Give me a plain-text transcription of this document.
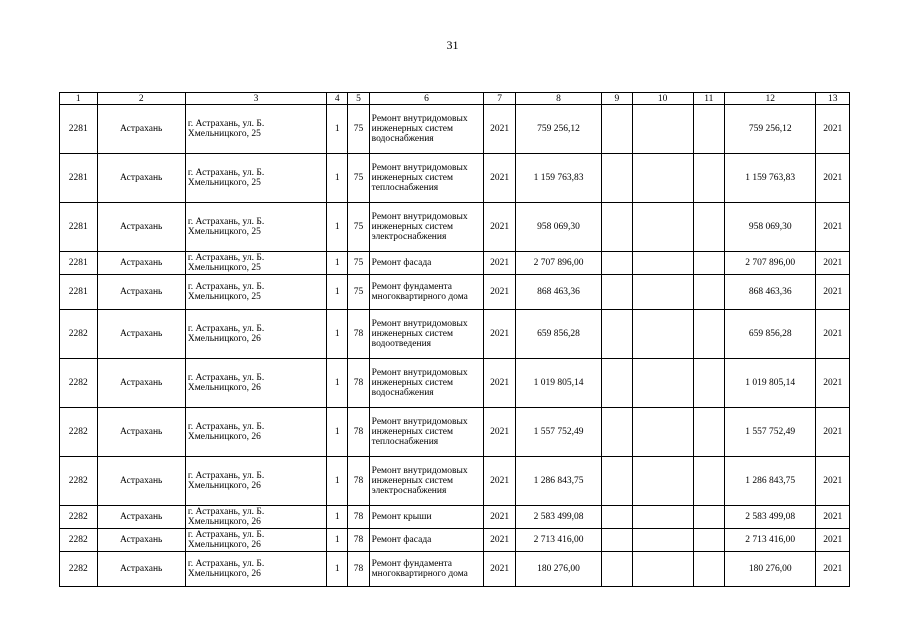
31
1	2	3	4	5	6	7	8	9	10	11	12	13
2281	Астрахань	г. Астрахань, ул. Б. Хмельницкого, 25	1	75	Ремонт внутридомовых инженерных систем водоснабжения	2021	759 256,12				759 256,12	2021
2281	Астрахань	г. Астрахань, ул. Б. Хмельницкого, 25	1	75	Ремонт внутридомовых инженерных систем теплоснабжения	2021	1 159 763,83				1 159 763,83	2021
2281	Астрахань	г. Астрахань, ул. Б. Хмельницкого, 25	1	75	Ремонт внутридомовых инженерных систем электроснабжения	2021	958 069,30				958 069,30	2021
2281	Астрахань	г. Астрахань, ул. Б. Хмельницкого, 25	1	75	Ремонт фасада	2021	2 707 896,00				2 707 896,00	2021
2281	Астрахань	г. Астрахань, ул. Б. Хмельницкого, 25	1	75	Ремонт фундамента многоквартирного дома	2021	868 463,36				868 463,36	2021
2282	Астрахань	г. Астрахань, ул. Б. Хмельницкого, 26	1	78	Ремонт внутридомовых инженерных систем водоотведения	2021	659 856,28				659 856,28	2021
2282	Астрахань	г. Астрахань, ул. Б. Хмельницкого, 26	1	78	Ремонт внутридомовых инженерных систем водоснабжения	2021	1 019 805,14				1 019 805,14	2021
2282	Астрахань	г. Астрахань, ул. Б. Хмельницкого, 26	1	78	Ремонт внутридомовых инженерных систем теплоснабжения	2021	1 557 752,49				1 557 752,49	2021
2282	Астрахань	г. Астрахань, ул. Б. Хмельницкого, 26	1	78	Ремонт внутридомовых инженерных систем электроснабжения	2021	1 286 843,75				1 286 843,75	2021
2282	Астрахань	г. Астрахань, ул. Б. Хмельницкого, 26	1	78	Ремонт крыши	2021	2 583 499,08				2 583 499,08	2021
2282	Астрахань	г. Астрахань, ул. Б. Хмельницкого, 26	1	78	Ремонт фасада	2021	2 713 416,00				2 713 416,00	2021
2282	Астрахань	г. Астрахань, ул. Б. Хмельницкого, 26	1	78	Ремонт фундамента многоквартирного дома	2021	180 276,00				180 276,00	2021
